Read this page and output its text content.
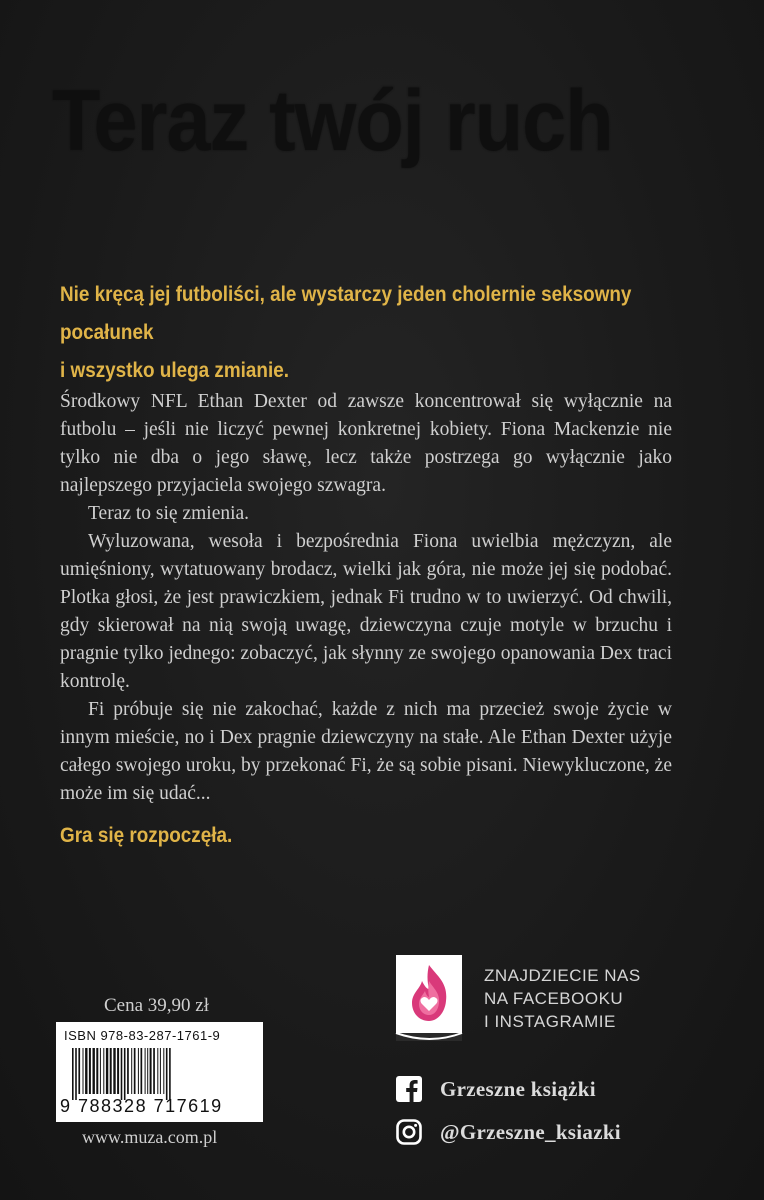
Teraz twój ruch
Nie kręcą jej futboliści, ale wystarczy jeden cholernie seksowny pocałunek
i wszystko ulega zmianie.

Środkowy NFL Ethan Dexter od zawsze koncentrował się wyłącznie na futbolu – jeśli nie liczyć pewnej konkretnej kobiety. Fiona Mackenzie nie tylko nie dba o jego sławę, lecz także postrzega go wyłącznie jako najlepszego przyjaciela swojego szwagra.

Teraz to się zmienia.

Wyluzowana, wesoła i bezpośrednia Fiona uwielbia mężczyzn, ale umięśniony, wytatuowany brodacz, wielki jak góra, nie może jej się podobać. Plotka głosi, że jest prawiczkiem, jednak Fi trudno w to uwierzyć. Od chwili, gdy skierował na nią swoją uwagę, dziewczyna czuje motyle w brzuchu i pragnie tylko jednego: zobaczyć, jak słynny ze swojego opanowania Dex traci kontrolę.

Fi próbuje się nie zakochać, każde z nich ma przecież swoje życie w innym mieście, no i Dex pragnie dziewczyny na stałe. Ale Ethan Dexter użyje całego swojego uroku, by przekonać Fi, że są sobie pisani. Niewykluczone, że może im się udać...

Gra się rozpoczęła.
Cena 39,90 zł
ISBN 978-83-287-1761-9
9 788328 717619
www.muza.com.pl
ZNAJDZIECIE NAS
NA FACEBOOKU
I INSTAGRAMIE
Grzeszne książki
@Grzeszne_ksiazki
